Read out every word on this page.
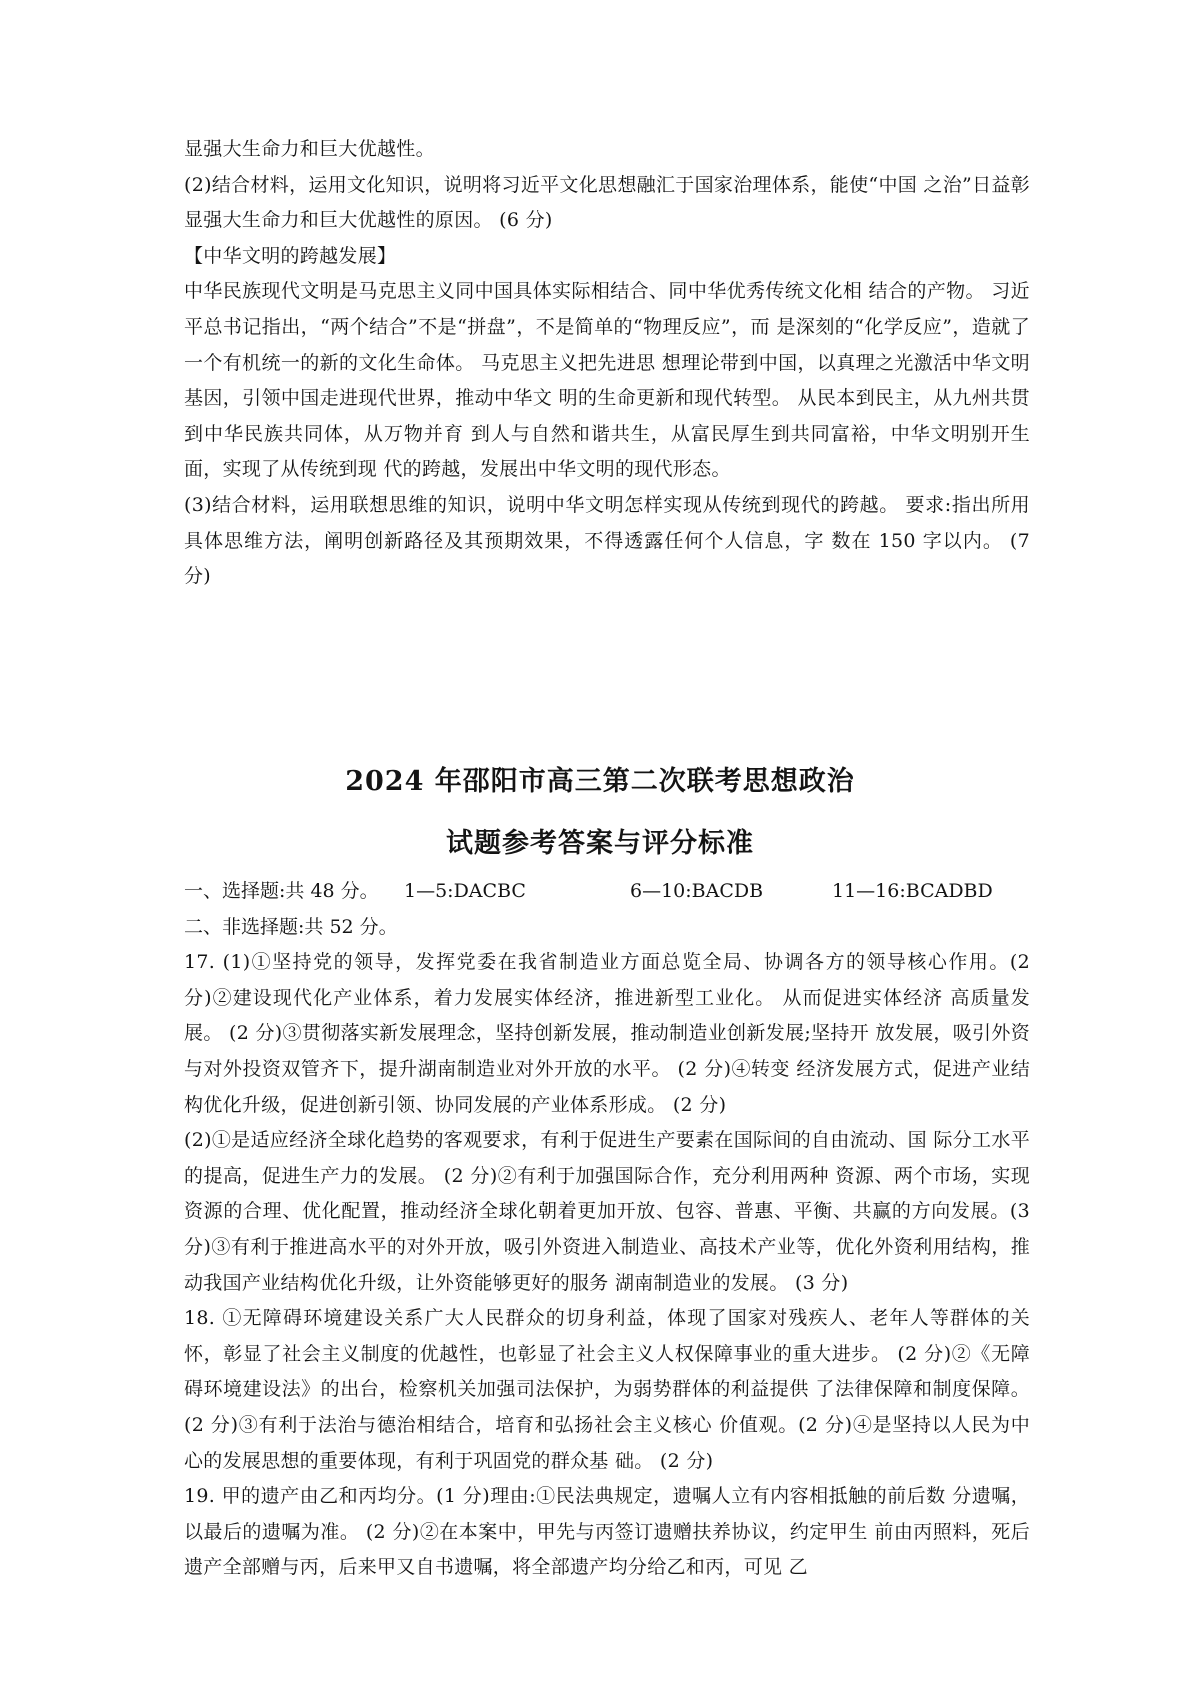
显强大生命力和巨大优越性。

(2)结合材料，运用文化知识，说明将习近平文化思想融汇于国家治理体系，能使“中国 之治”日益彰显强大生命力和巨大优越性的原因。 (6 分)

【中华文明的跨越发展】

中华民族现代文明是马克思主义同中国具体实际相结合、同中华优秀传统文化相 结合的产物。 习近平总书记指出，“两个结合”不是“拼盘”，不是简单的“物理反应”，而 是深刻的“化学反应”，造就了一个有机统一的新的文化生命体。 马克思主义把先进思 想理论带到中国，以真理之光激活中华文明基因，引领中国走进现代世界，推动中华文 明的生命更新和现代转型。 从民本到民主，从九州共贯到中华民族共同体，从万物并育 到人与自然和谐共生，从富民厚生到共同富裕，中华文明别开生面，实现了从传统到现 代的跨越，发展出中华文明的现代形态。

(3)结合材料，运用联想思维的知识，说明中华文明怎样实现从传统到现代的跨越。 要求:指出所用具体思维方法，阐明创新路径及其预期效果，不得透露任何个人信息，字 数在 150 字以内。 (7 分)

2024 年邵阳市高三第二次联考思想政治
试题参考答案与评分标准

一、选择题:共 48 分。 1—5:DACBC	6—10:BACDB	11—16:BCADBD

二、非选择题:共 52 分。

17. (1)①坚持党的领导，发挥党委在我省制造业方面总览全局、协调各方的领导核心作用。(2 分)②建设现代化产业体系，着力发展实体经济，推进新型工业化。 从而促进实体经济 高质量发展。 (2 分)③贯彻落实新发展理念，坚持创新发展，推动制造业创新发展;坚持开 放发展，吸引外资与对外投资双管齐下，提升湖南制造业对外开放的水平。 (2 分)④转变 经济发展方式，促进产业结构优化升级，促进创新引领、协同发展的产业体系形成。 (2 分)

(2)①是适应经济全球化趋势的客观要求，有利于促进生产要素在国际间的自由流动、国 际分工水平的提高，促进生产力的发展。 (2 分)②有利于加强国际合作，充分利用两种 资源、两个市场，实现资源的合理、优化配置，推动经济全球化朝着更加开放、包容、普惠、平衡、共赢的方向发展。(3 分)③有利于推进高水平的对外开放，吸引外资进入制造业、高技术产业等，优化外资利用结构，推动我国产业结构优化升级，让外资能够更好的服务 湖南制造业的发展。 (3 分)

18. ①无障碍环境建设关系广大人民群众的切身利益，体现了国家对残疾人、老年人等群体的关怀，彰显了社会主义制度的优越性，也彰显了社会主义人权保障事业的重大进步。 (2 分)②《无障碍环境建设法》的出台，检察机关加强司法保护，为弱势群体的利益提供 了法律保障和制度保障。 (2 分)③有利于法治与德治相结合，培育和弘扬社会主义核心 价值观。(2 分)④是坚持以人民为中心的发展思想的重要体现，有利于巩固党的群众基 础。 (2 分)

19. 甲的遗产由乙和丙均分。(1 分)理由:①民法典规定，遗嘱人立有内容相抵触的前后数 分遗嘱，以最后的遗嘱为准。 (2 分)②在本案中，甲先与丙签订遗赠扶养协议，约定甲生 前由丙照料，死后遗产全部赠与丙，后来甲又自书遗嘱，将全部遗产均分给乙和丙，可见 乙
